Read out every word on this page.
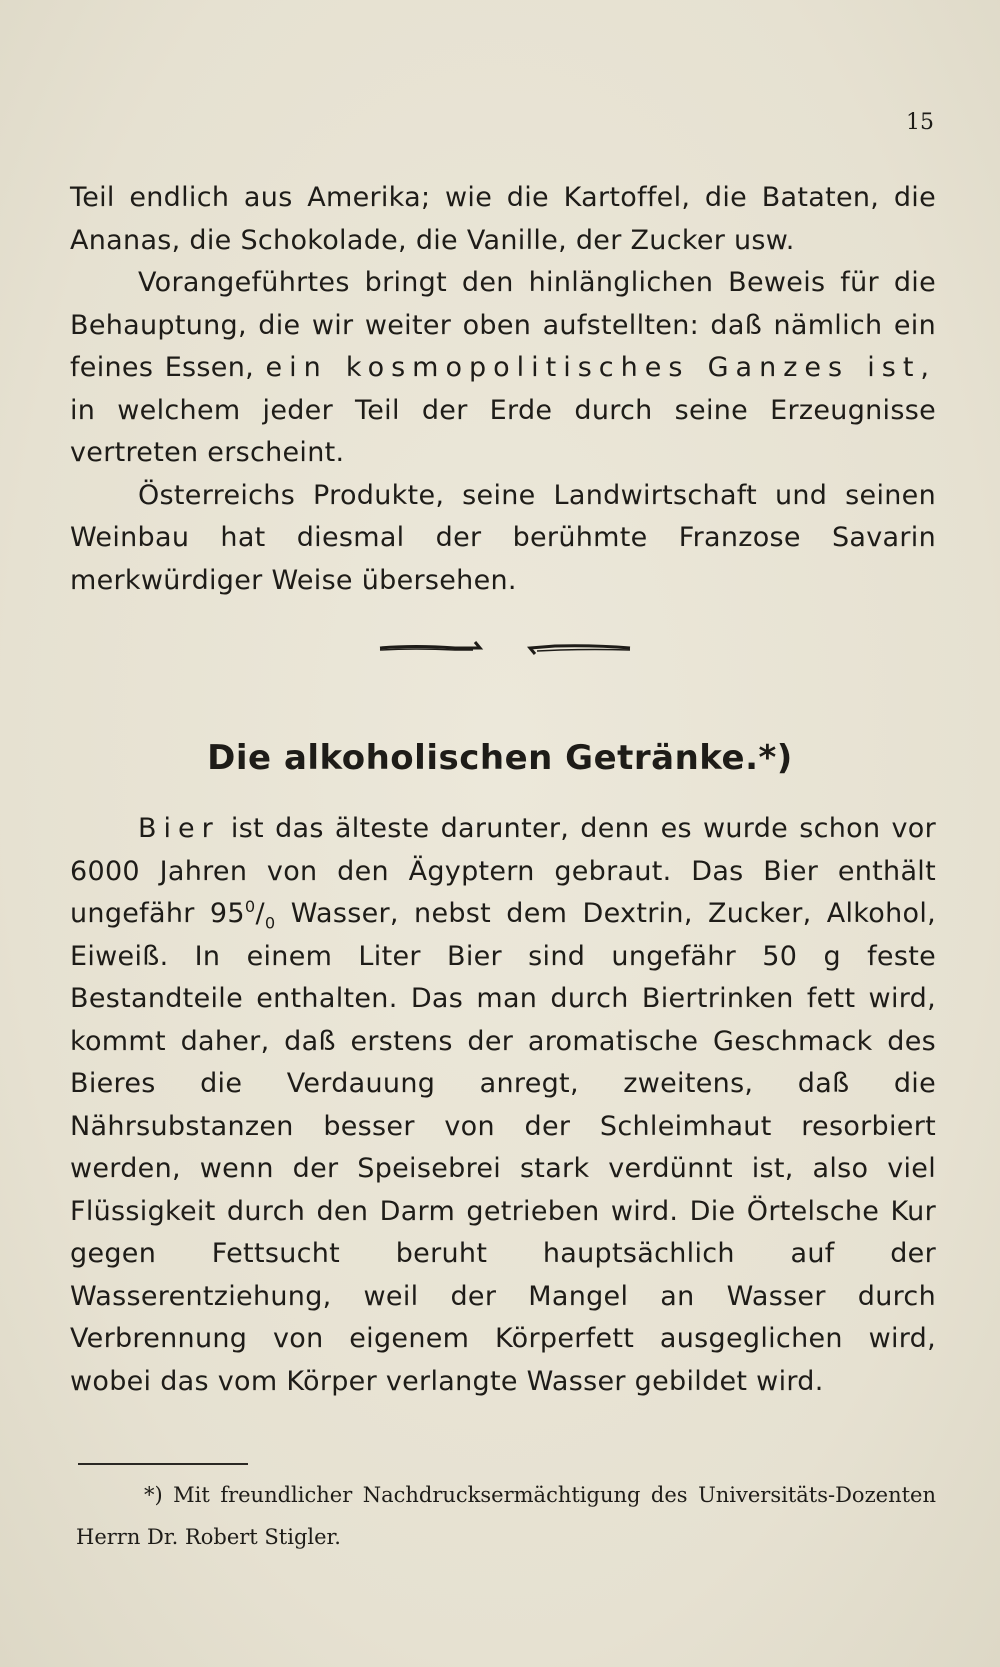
15

Teil endlich aus Amerika; wie die Kartoffel, die Bataten, die Ananas, die Schokolade, die Vanille, der Zucker usw.

Vorangeführtes bringt den hinlänglichen Beweis für die Behauptung, die wir weiter oben aufstellten: daß nämlich ein feines Essen, ein kosmopolitisches Ganzes ist, in welchem jeder Teil der Erde durch seine Erzeugnisse vertreten erscheint.

Österreichs Produkte, seine Landwirtschaft und seinen Weinbau hat diesmal der berühmte Franzose Savarin merkwürdiger Weise übersehen.

Die alkoholischen Getränke.*)

Bier ist das älteste darunter, denn es wurde schon vor 6000 Jahren von den Ägyptern gebraut. Das Bier enthält ungefähr $95^0/_0$ Wasser, nebst dem Dextrin, Zucker, Alkohol, Eiweiß. In einem Liter Bier sind ungefähr 50 g feste Bestandteile enthalten. Das man durch Biertrinken fett wird, kommt daher, daß erstens der aromatische Geschmack des Bieres die Verdauung anregt, zweitens, daß die Nährsubstanzen besser von der Schleimhaut resorbiert werden, wenn der Speisebrei stark verdünnt ist, also viel Flüssigkeit durch den Darm getrieben wird. Die Örtelsche Kur gegen Fettsucht beruht hauptsächlich auf der Wasserentziehung, weil der Mangel an Wasser durch Verbrennung von eigenem Körperfett ausgeglichen wird, wobei das vom Körper verlangte Wasser gebildet wird.

*) Mit freundlicher Nachdrucksermächtigung des Universitäts-Dozenten Herrn Dr. Robert Stigler.
